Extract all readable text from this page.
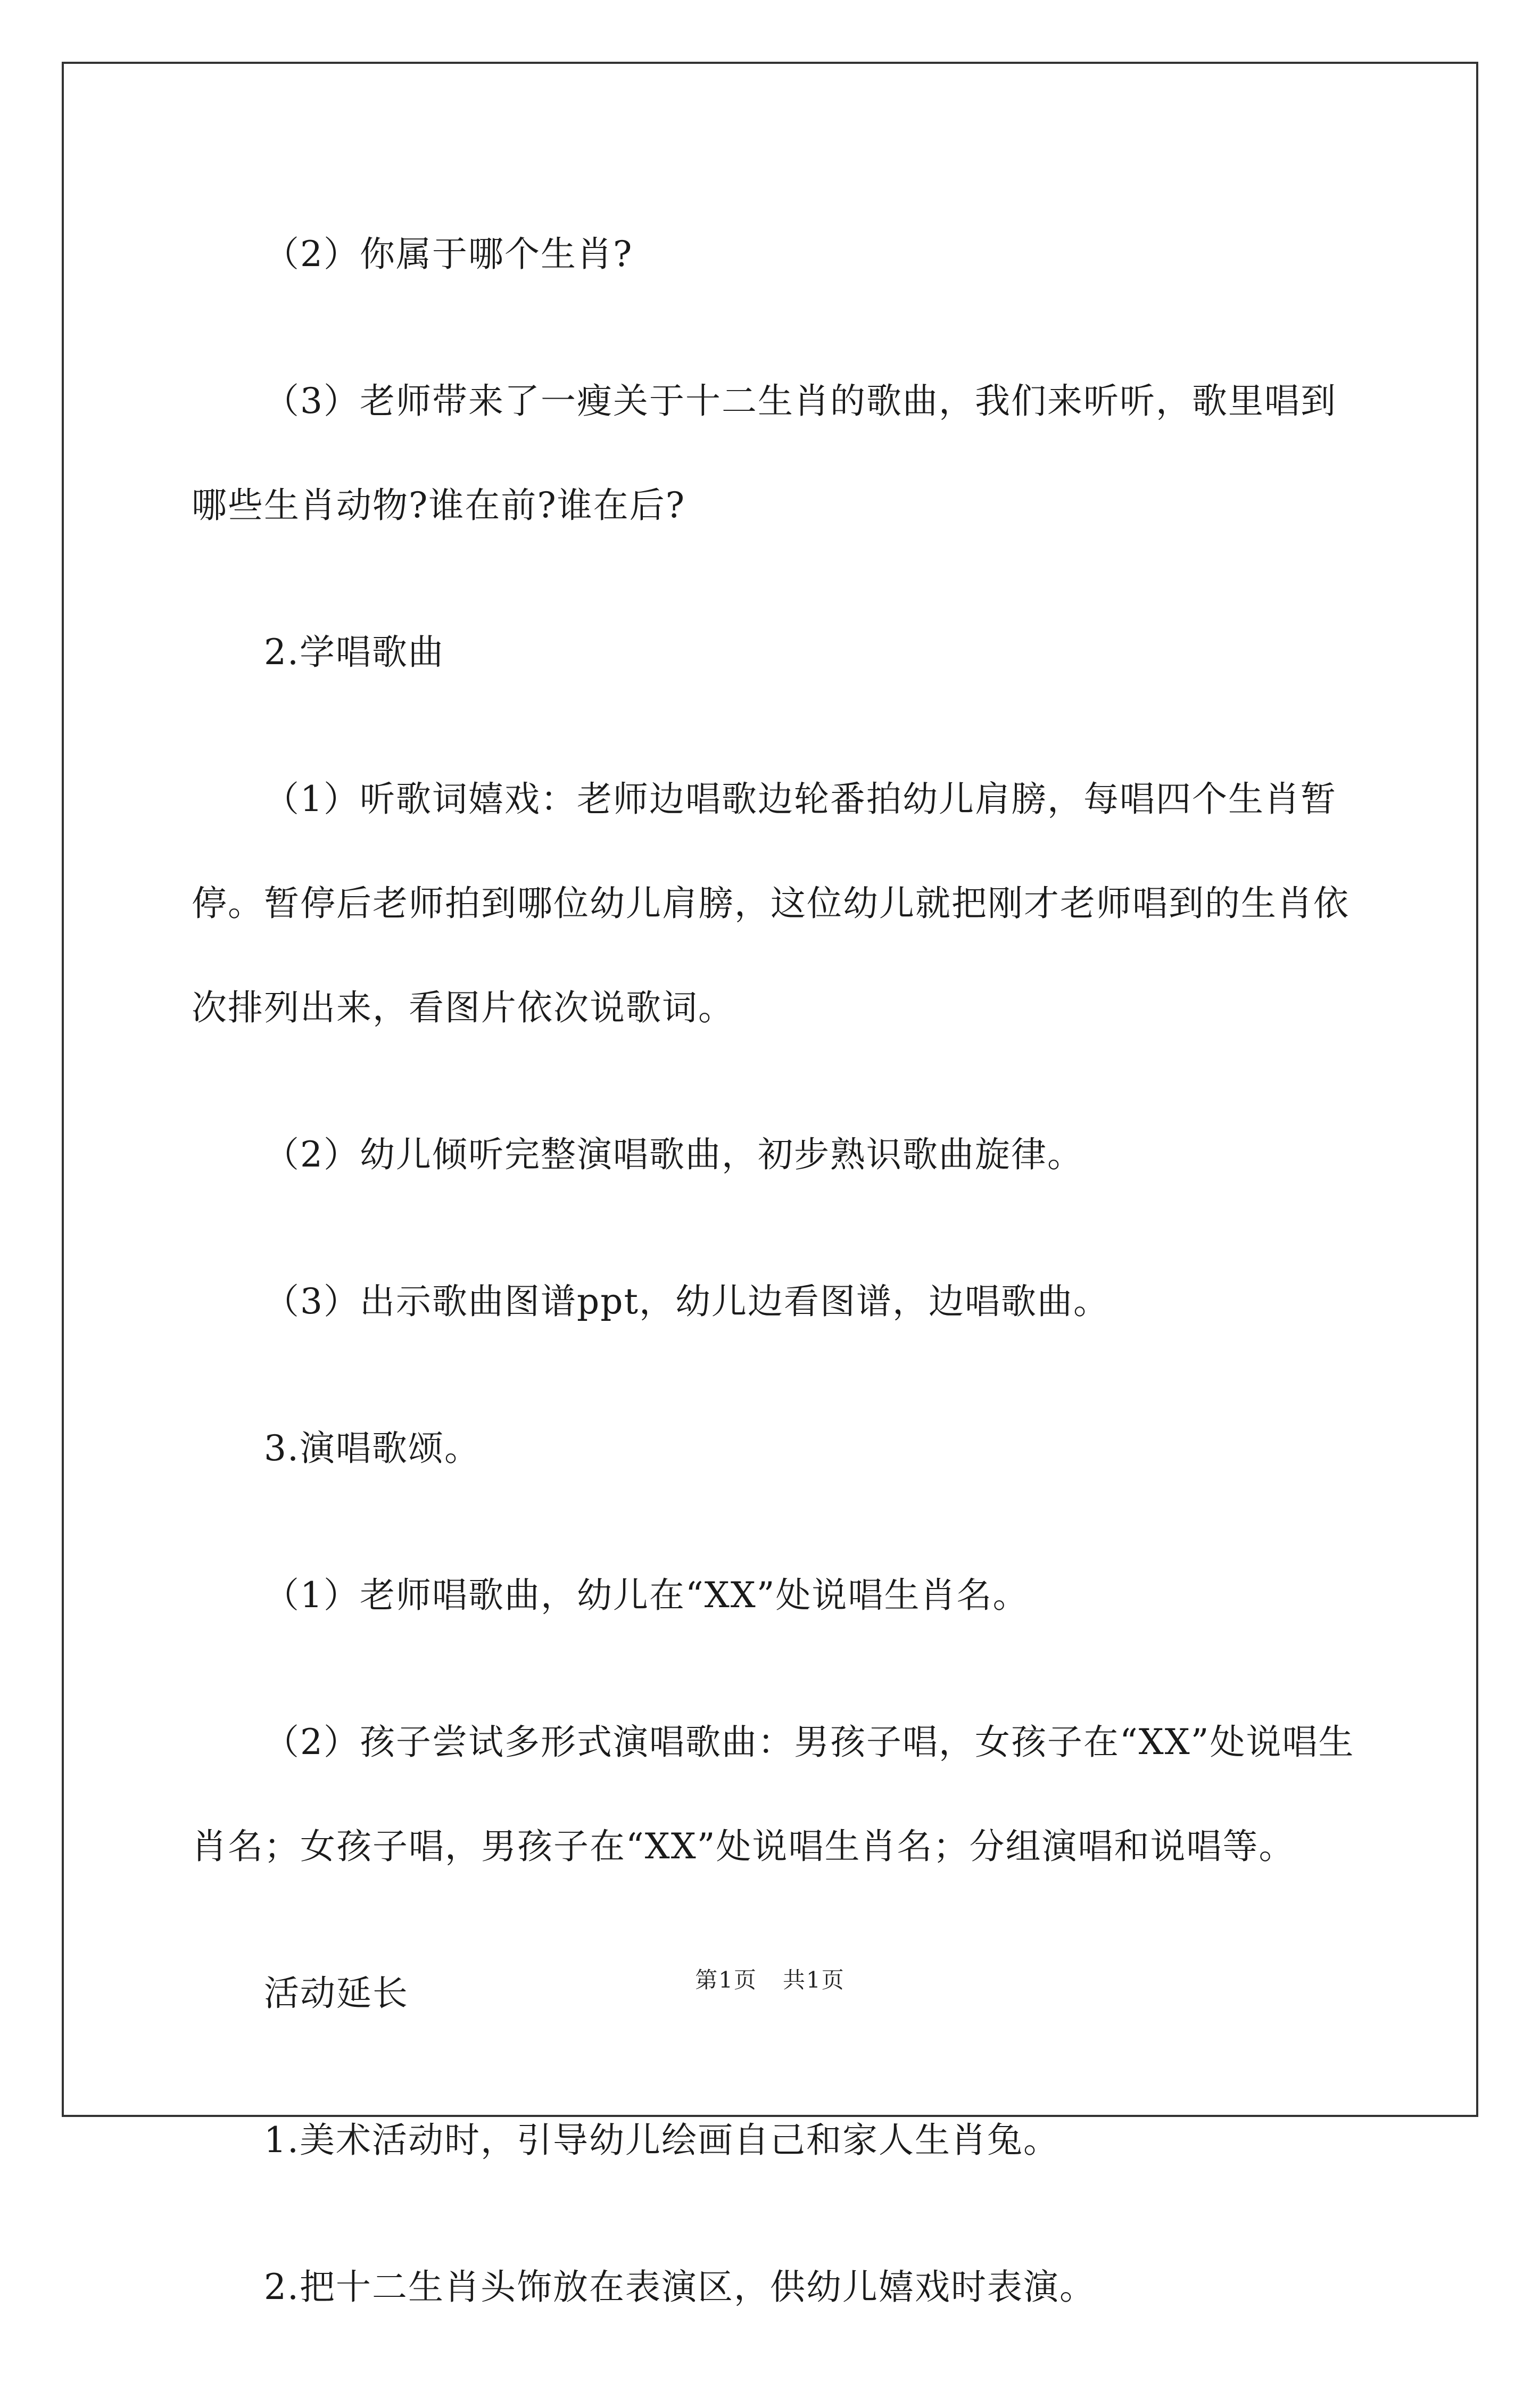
（2）你属于哪个生肖?

（3）老师带来了一瘦关于十二生肖的歌曲，我们来听听，歌里唱到哪些生肖动物?谁在前?谁在后?

2.学唱歌曲

（1）听歌词嬉戏：老师边唱歌边轮番拍幼儿肩膀，每唱四个生肖暂停。暂停后老师拍到哪位幼儿肩膀，这位幼儿就把刚才老师唱到的生肖依次排列出来，看图片依次说歌词。

（2）幼儿倾听完整演唱歌曲，初步熟识歌曲旋律。

（3）出示歌曲图谱ppt，幼儿边看图谱，边唱歌曲。

3.演唱歌颂。

（1）老师唱歌曲，幼儿在“XX”处说唱生肖名。

（2）孩子尝试多形式演唱歌曲：男孩子唱，女孩子在“XX”处说唱生肖名；女孩子唱，男孩子在“XX”处说唱生肖名；分组演唱和说唱等。

活动延长

1.美术活动时，引导幼儿绘画自己和家人生肖兔。

2.把十二生肖头饰放在表演区，供幼儿嬉戏时表演。

第1页 共1页
